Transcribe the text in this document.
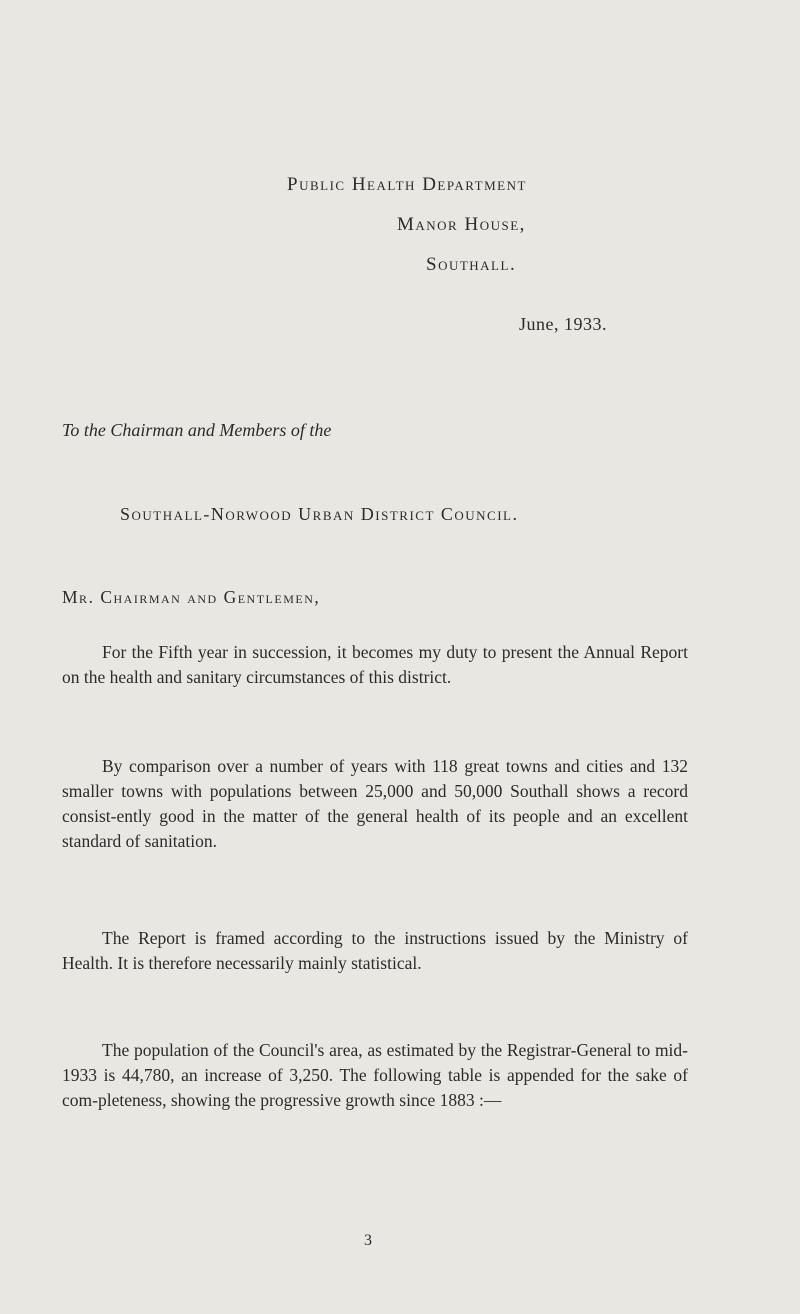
Public Health Department
Manor House,
Southall.
June, 1933.
To the Chairman and Members of the
Southall-Norwood Urban District Council.
Mr. Chairman and Gentlemen,

For the Fifth year in succession, it becomes my duty to present the Annual Report on the health and sanitary circumstances of this district.

By comparison over a number of years with 118 great towns and cities and 132 smaller towns with populations between 25,000 and 50,000 Southall shows a record consist-ently good in the matter of the general health of its people and an excellent standard of sanitation.

The Report is framed according to the instructions issued by the Ministry of Health. It is therefore necessarily mainly statistical.

The population of the Council's area, as estimated by the Registrar-General to mid-1933 is 44,780, an increase of 3,250. The following table is appended for the sake of com-pleteness, showing the progressive growth since 1883 :—

3
